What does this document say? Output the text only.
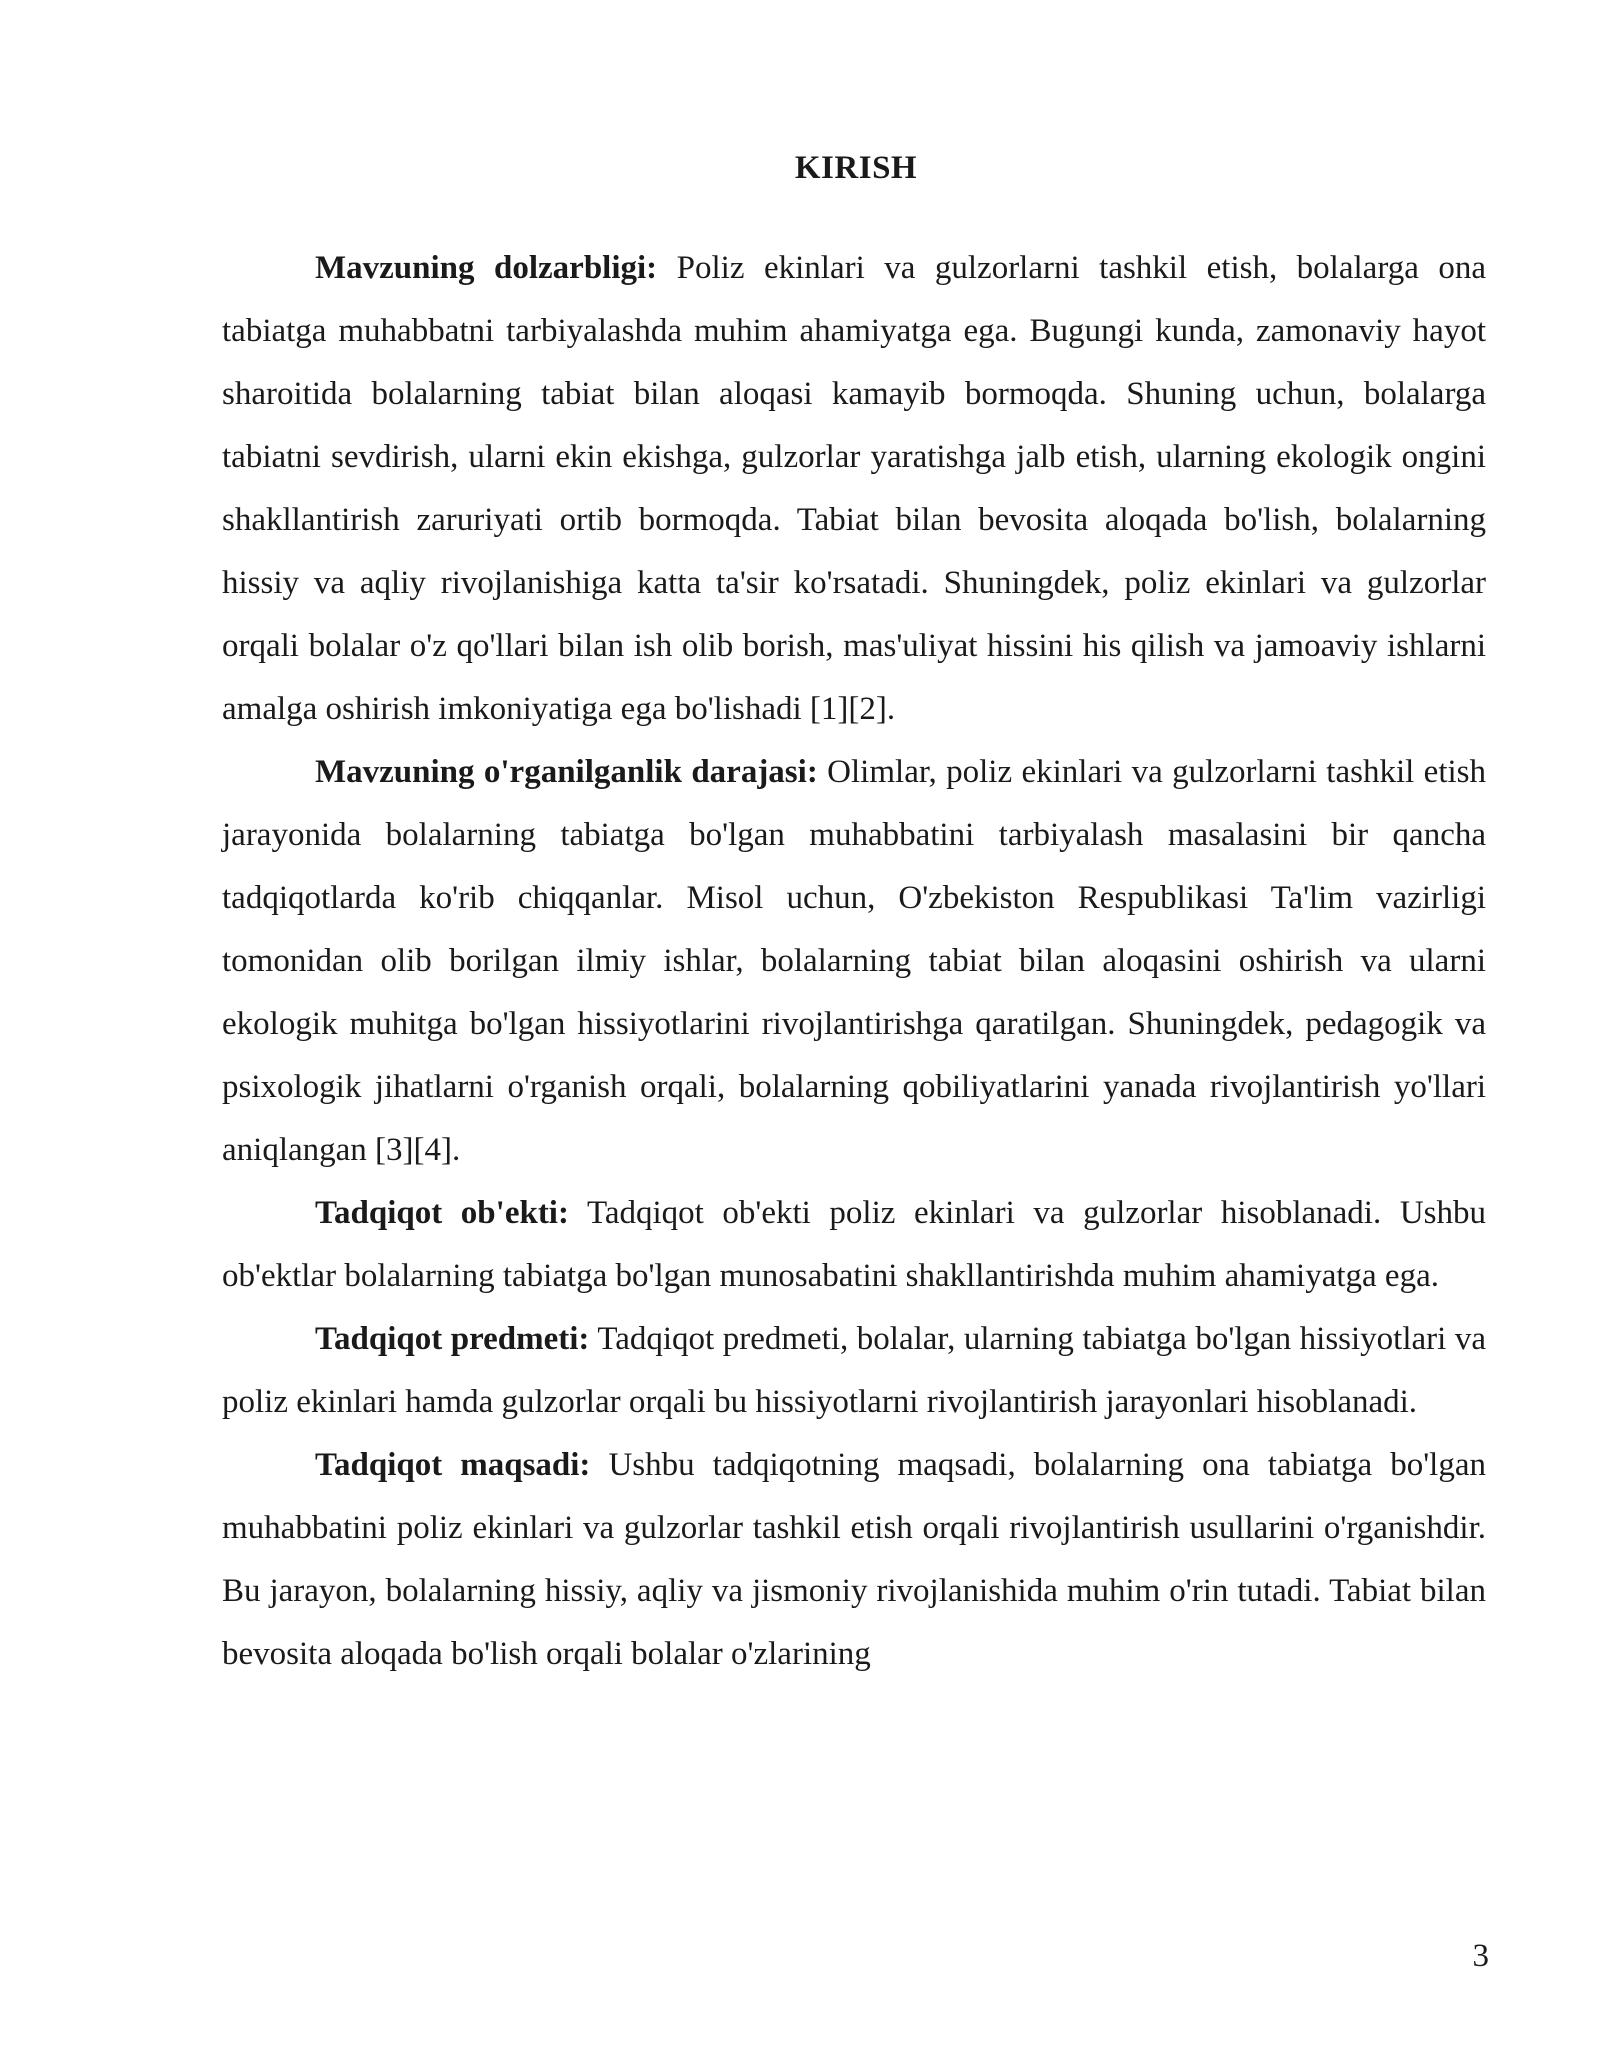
KIRISH

Mavzuning dolzarbligi: Poliz ekinlari va gulzorlarni tashkil etish, bolalarga ona tabiatga muhabbatni tarbiyalashda muhim ahamiyatga ega. Bugungi kunda, zamonaviy hayot sharoitida bolalarning tabiat bilan aloqasi kamayib bormoqda. Shuning uchun, bolalarga tabiatni sevdirish, ularni ekin ekishga, gulzorlar yaratishga jalb etish, ularning ekologik ongini shakllantirish zaruriyati ortib bormoqda. Tabiat bilan bevosita aloqada bo'lish, bolalarning hissiy va aqliy rivojlanishiga katta ta'sir ko'rsatadi. Shuningdek, poliz ekinlari va gulzorlar orqali bolalar o'z qo'llari bilan ish olib borish, mas'uliyat hissini his qilish va jamoaviy ishlarni amalga oshirish imkoniyatiga ega bo'lishadi [1][2].

Mavzuning o'rganilganlik darajasi: Olimlar, poliz ekinlari va gulzorlarni tashkil etish jarayonida bolalarning tabiatga bo'lgan muhabbatini tarbiyalash masalasini bir qancha tadqiqotlarda ko'rib chiqqanlar. Misol uchun, O'zbekiston Respublikasi Ta'lim vazirligi tomonidan olib borilgan ilmiy ishlar, bolalarning tabiat bilan aloqasini oshirish va ularni ekologik muhitga bo'lgan hissiyotlarini rivojlantirishga qaratilgan. Shuningdek, pedagogik va psixologik jihatlarni o'rganish orqali, bolalarning qobiliyatlarini yanada rivojlantirish yo'llari aniqlangan [3][4].

Tadqiqot ob'ekti: Tadqiqot ob'ekti poliz ekinlari va gulzorlar hisoblanadi. Ushbu ob'ektlar bolalarning tabiatga bo'lgan munosabatini shakllantirishda muhim ahamiyatga ega.

Tadqiqot predmeti: Tadqiqot predmeti, bolalar, ularning tabiatga bo'lgan hissiyotlari va poliz ekinlari hamda gulzorlar orqali bu hissiyotlarni rivojlantirish jarayonlari hisoblanadi.

Tadqiqot maqsadi: Ushbu tadqiqotning maqsadi, bolalarning ona tabiatga bo'lgan muhabbatini poliz ekinlari va gulzorlar tashkil etish orqali rivojlantirish usullarini o'rganishdir. Bu jarayon, bolalarning hissiy, aqliy va jismoniy rivojlanishida muhim o'rin tutadi. Tabiat bilan bevosita aloqada bo'lish orqali bolalar o'zlarining

3
